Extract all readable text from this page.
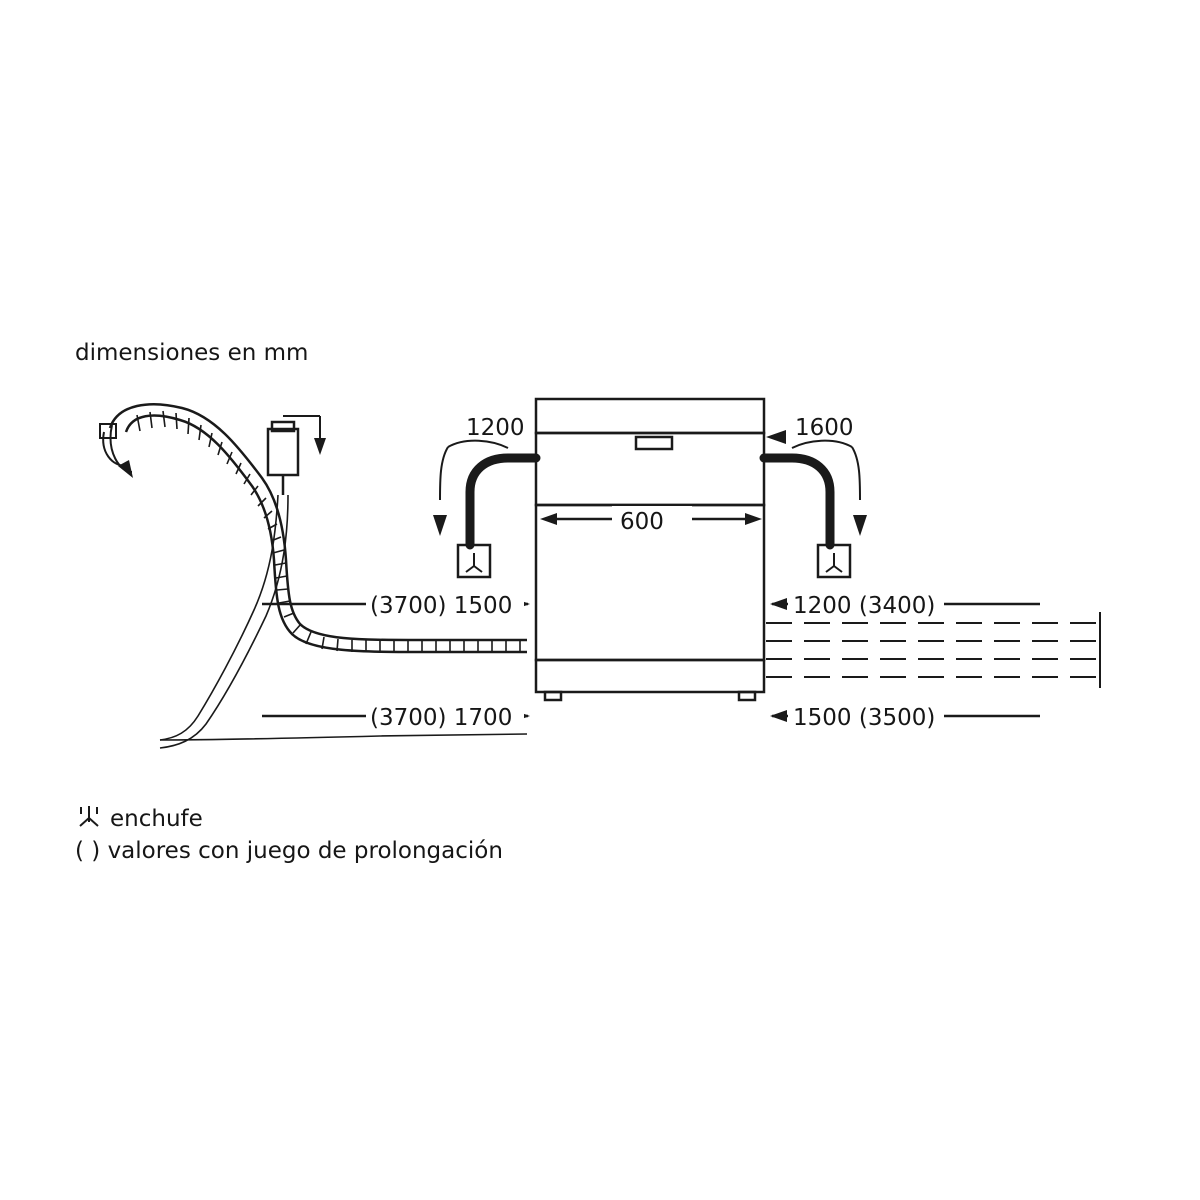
dimensiones en mm
1200	1600
600
(3700) 1500
(3700) 1700
1200 (3400)
1500 (3500)
enchufe
( ) valores con juego de prolongación
